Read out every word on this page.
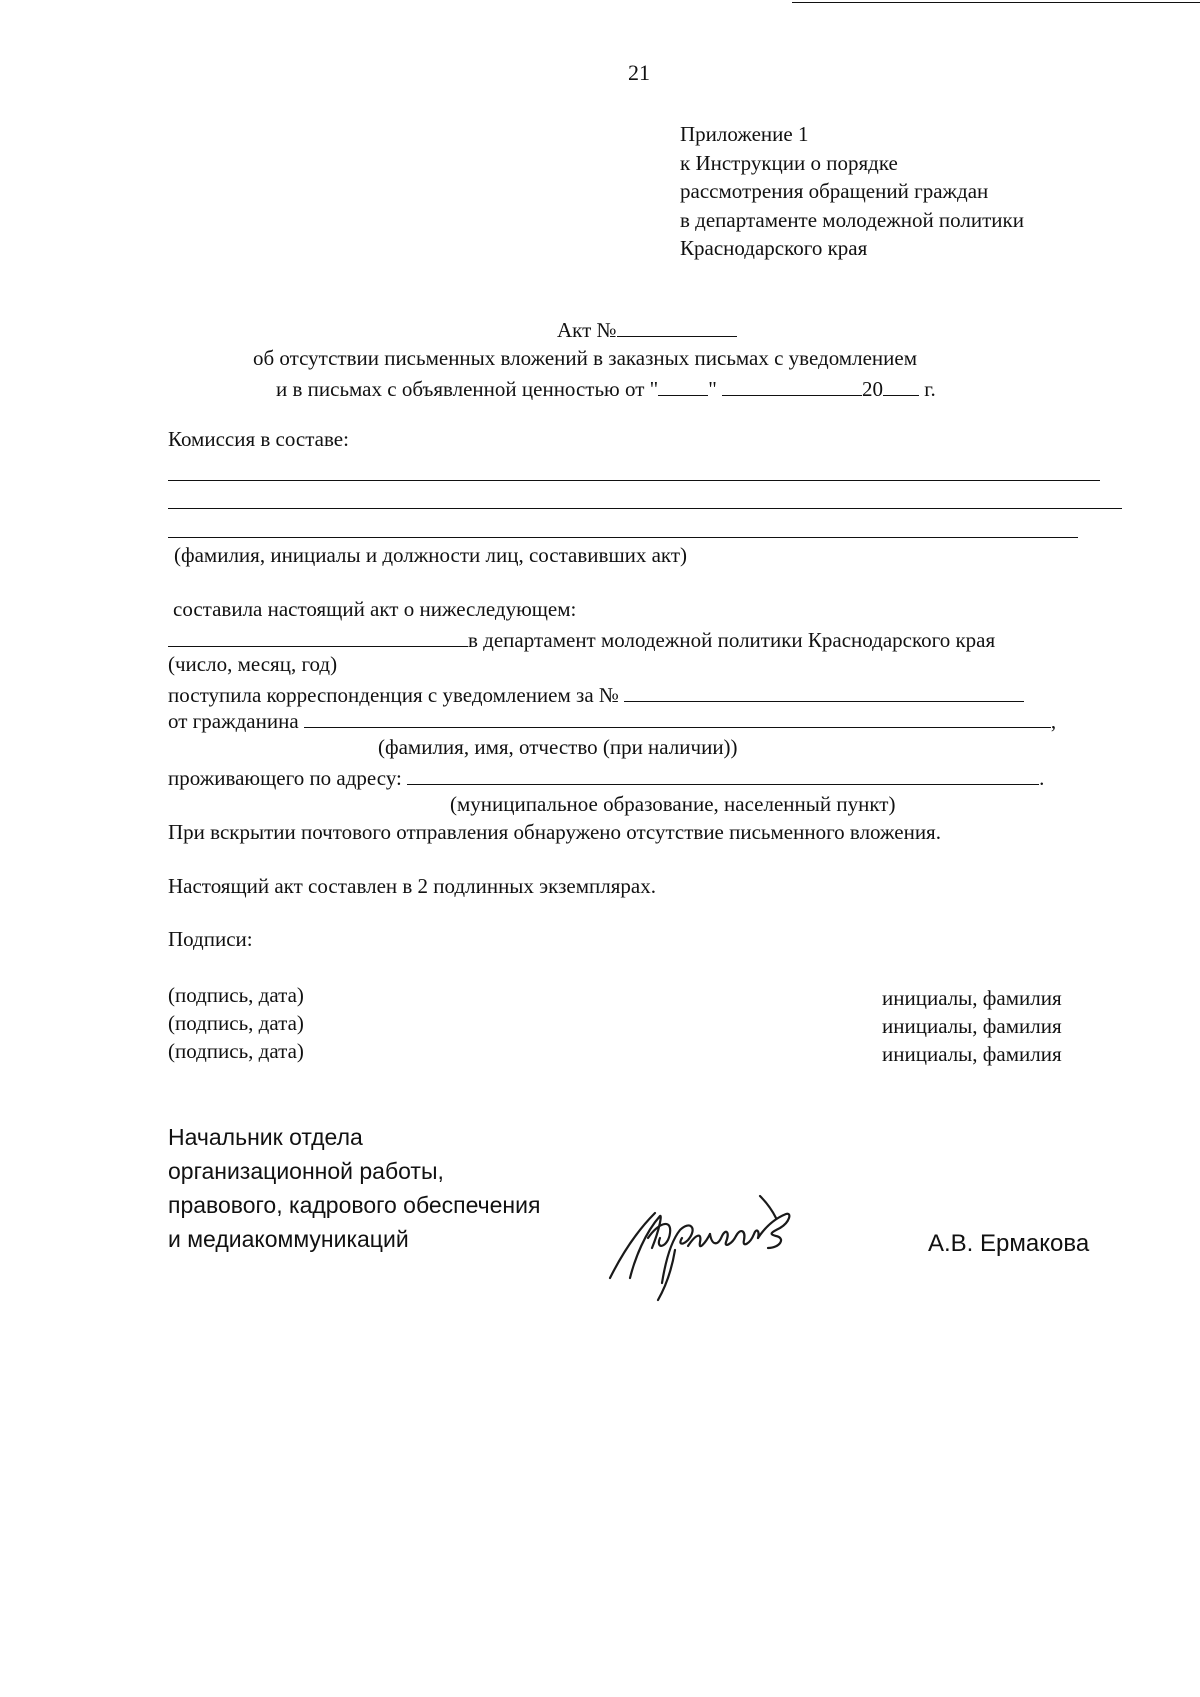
21
Приложение 1
к Инструкции о порядке
рассмотрения обращений граждан
в департаменте молодежной политики
Краснодарского края
Акт №
об отсутствии письменных вложений в заказных письмах с уведомлением
и в письмах с объявленной ценностью от " "	20 г.
Комиссия в составе:
(фамилия, инициалы и должности лиц, составивших акт)
составила настоящий акт о нижеследующем:
в департамент молодежной политики Краснодарского края
(число, месяц, год)
поступила корреспонденция с уведомлением за №
от гражданина	,
(фамилия, имя, отчество (при наличии))
проживающего по адресу:	.
(муниципальное образование, населенный пункт)
При вскрытии почтового отправления обнаружено отсутствие письменного вложения.
Настоящий акт составлен в 2 подлинных экземплярах.
Подписи:
(подпись, дата)	инициалы, фамилия
(подпись, дата)	инициалы, фамилия
(подпись, дата)	инициалы, фамилия
Начальник отдела
организационной работы,
правового, кадрового обеспечения
и медиакоммуникаций	А.В. Ермакова
